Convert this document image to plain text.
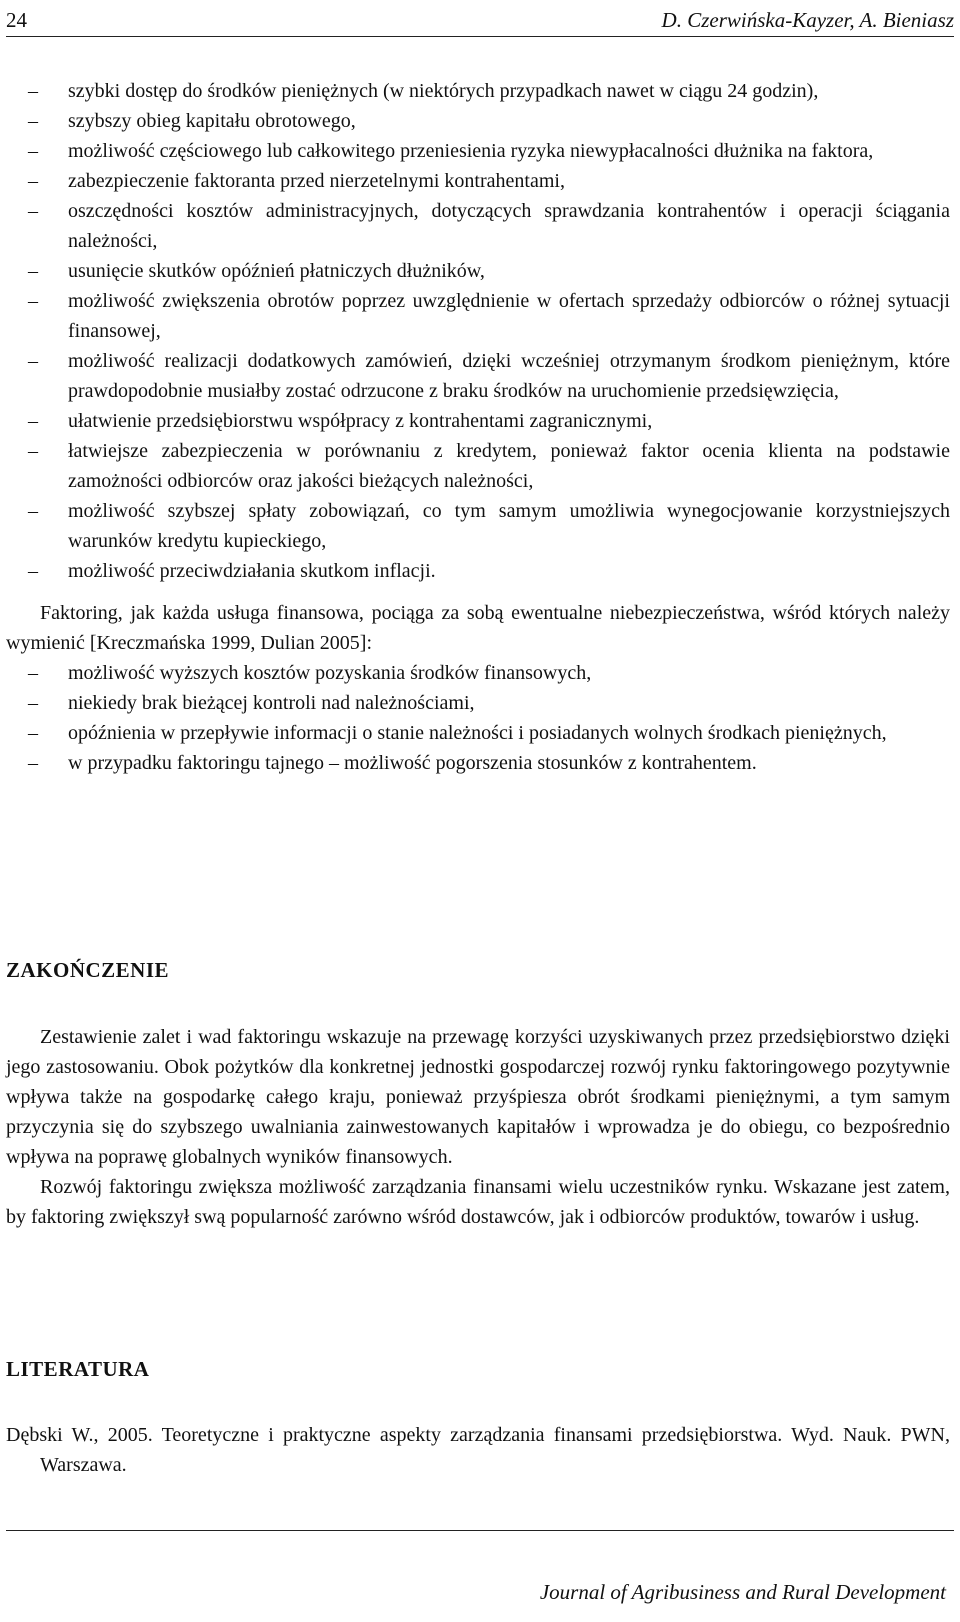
24	D. Czerwińska-Kayzer, A. Bieniasz
– szybki dostęp do środków pieniężnych (w niektórych przypadkach nawet w ciągu 24 godzin),
– szybszy obieg kapitału obrotowego,
– możliwość częściowego lub całkowitego przeniesienia ryzyka niewypłacalności dłużnika na faktora,
– zabezpieczenie faktoranta przed nierzetelnymi kontrahentami,
– oszczędności kosztów administracyjnych, dotyczących sprawdzania kontrahentów i operacji ściągania należności,
– usunięcie skutków opóźnień płatniczych dłużników,
– możliwość zwiększenia obrotów poprzez uwzględnienie w ofertach sprzedaży odbiorców o różnej sytuacji finansowej,
– możliwość realizacji dodatkowych zamówień, dzięki wcześniej otrzymanym środkom pieniężnym, które prawdopodobnie musiałby zostać odrzucone z braku środków na uruchomienie przedsięwzięcia,
– ułatwienie przedsiębiorstwu współpracy z kontrahentami zagranicznymi,
– łatwiejsze zabezpieczenia w porównaniu z kredytem, ponieważ faktor ocenia klienta na podstawie zamożności odbiorców oraz jakości bieżących należności,
– możliwość szybszej spłaty zobowiązań, co tym samym umożliwia wynegocjowanie korzystniejszych warunków kredytu kupieckiego,
– możliwość przeciwdziałania skutkom inflacji.

Faktoring, jak każda usługa finansowa, pociąga za sobą ewentualne niebezpieczeństwa, wśród których należy wymienić [Kreczmańska 1999, Dulian 2005]:

– możliwość wyższych kosztów pozyskania środków finansowych,
– niekiedy brak bieżącej kontroli nad należnościami,
– opóźnienia w przepływie informacji o stanie należności i posiadanych wolnych środkach pieniężnych,
– w przypadku faktoringu tajnego – możliwość pogorszenia stosunków z kontrahentem.
ZAKOŃCZENIE

Zestawienie zalet i wad faktoringu wskazuje na przewagę korzyści uzyskiwanych przez przedsiębiorstwo dzięki jego zastosowaniu. Obok pożytków dla konkretnej jednostki gospodarczej rozwój rynku faktoringowego pozytywnie wpływa także na gospodarkę całego kraju, ponieważ przyśpiesza obrót środkami pieniężnymi, a tym samym przyczynia się do szybszego uwalniania zainwestowanych kapitałów i wprowadza je do obiegu, co bezpośrednio wpływa na poprawę globalnych wyników finansowych.

Rozwój faktoringu zwiększa możliwość zarządzania finansami wielu uczestników rynku. Wskazane jest zatem, by faktoring zwiększył swą popularność zarówno wśród dostawców, jak i odbiorców produktów, towarów i usług.

LITERATURA

Dębski W., 2005. Teoretyczne i praktyczne aspekty zarządzania finansami przedsiębiorstwa. Wyd. Nauk. PWN, Warszawa.

Journal of Agribusiness and Rural Development
